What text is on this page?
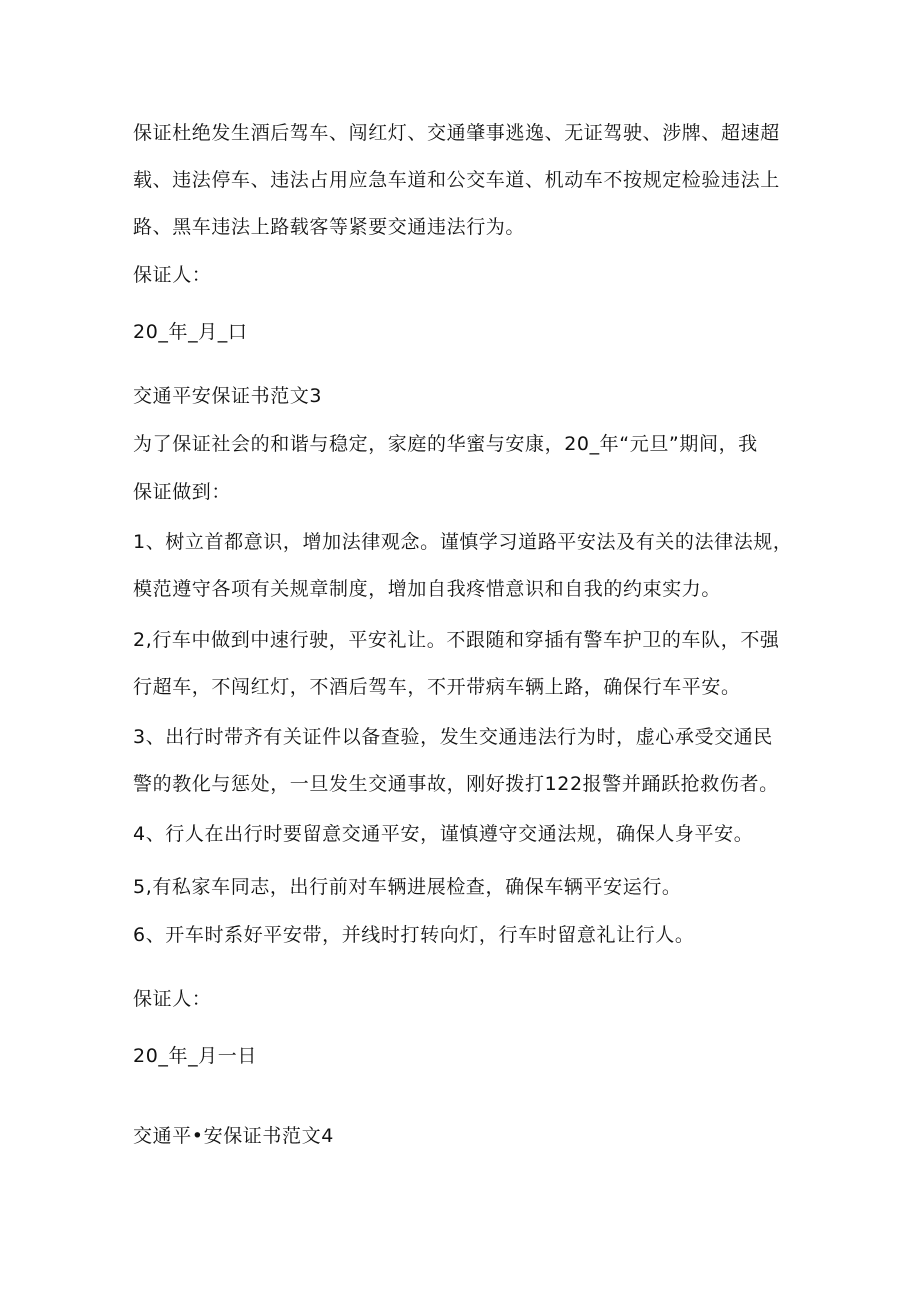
保证杜绝发生酒后驾车、闯红灯、交通肇事逃逸、无证驾驶、涉牌、超速超
载、违法停车、违法占用应急车道和公交车道、机动车不按规定检验违法上
路、黑车违法上路载客等紧要交通违法行为。
保证人：
20_年_月_口
交通平安保证书范文3
为了保证社会的和谐与稳定，家庭的华蜜与安康，20_年“元旦”期间，我
保证做到：
1、树立首都意识，增加法律观念。谨慎学习道路平安法及有关的法律法规，
模范遵守各项有关规章制度，增加自我疼惜意识和自我的约束实力。
2,行车中做到中速行驶，平安礼让。不跟随和穿插有警车护卫的车队，不强
行超车，不闯红灯，不酒后驾车，不开带病车辆上路，确保行车平安。
3、出行时带齐有关证件以备查验，发生交通违法行为时，虚心承受交通民
警的教化与惩处，一旦发生交通事故，刚好拨打122报警并踊跃抢救伤者。
4、行人在出行时要留意交通平安，谨慎遵守交通法规，确保人身平安。
5,有私家车同志，出行前对车辆进展检查，确保车辆平安运行。
6、开车时系好平安带，并线时打转向灯，行车时留意礼让行人。
保证人：
20_年_月一日
交通平•安保证书范文4
